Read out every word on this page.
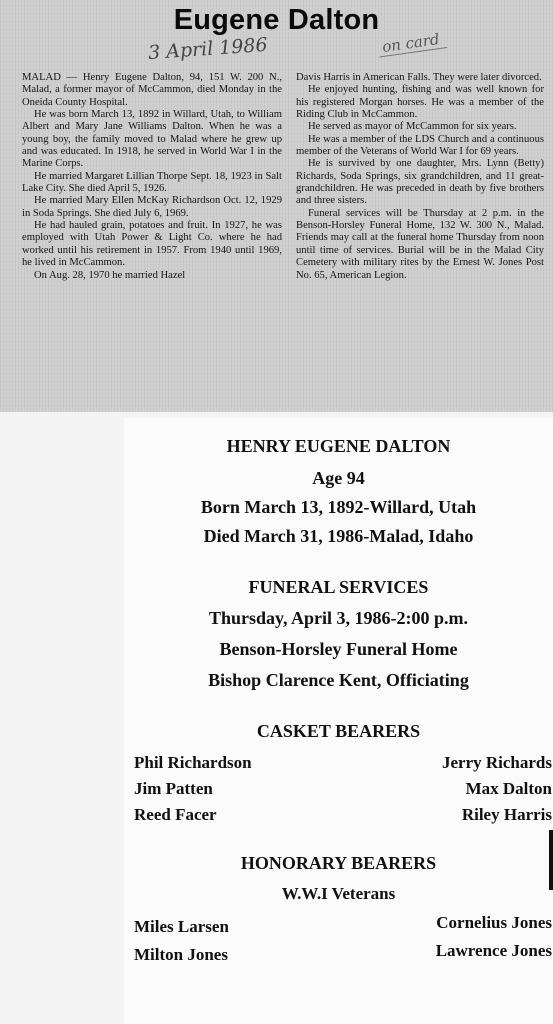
Eugene Dalton
3 April 1986	on card

MALAD — Henry Eugene Dalton, 94, 151 W. 200 N., Malad, a former mayor of McCammon, died Monday in the Oneida County Hospital.

He was born March 13, 1892 in Willard, Utah, to William Albert and Mary Jane Williams Dalton. When he was a young boy, the family moved to Malad where he grew up and was educated. In 1918, he served in World War I in the Marine Corps.

He married Margaret Lillian Thorpe Sept. 18, 1923 in Salt Lake City. She died April 5, 1926.

He married Mary Ellen McKay Richardson Oct. 12, 1929 in Soda Springs. She died July 6, 1969.

He had hauled grain, potatoes and fruit. In 1927, he was employed with Utah Power & Light Co. where he had worked until his retirement in 1957. From 1940 until 1969, he lived in McCammon.

On Aug. 28, 1970 he married Hazel

Davis Harris in American Falls. They were later divorced.

He enjoyed hunting, fishing and was well known for his registered Morgan horses. He was a member of the Riding Club in McCammon.

He served as mayor of McCammon for six years.

He was a member of the LDS Church and a continuous member of the Veterans of World War I for 69 years.

He is survived by one daughter, Mrs. Lynn (Betty) Richards, Soda Springs, six grandchildren, and 11 great-grandchildren. He was preceded in death by five brothers and three sisters.

Funeral services will be Thursday at 2 p.m. in the Benson-Horsley Funeral Home, 132 W. 300 N., Malad. Friends may call at the funeral home Thursday from noon until time of services. Burial will be in the Malad City Cemetery with military rites by the Ernest W. Jones Post No. 65, American Legion.

HENRY EUGENE DALTON
Age 94
Born March 13, 1892-Willard, Utah
Died March 31, 1986-Malad, Idaho
FUNERAL SERVICES
Thursday, April 3, 1986-2:00 p.m.
Benson-Horsley Funeral Home
Bishop Clarence Kent, Officiating
CASKET BEARERS
Phil Richardson	Jerry Richards
Jim Patten	Max Dalton
Reed Facer	Riley Harris
HONORARY BEARERS
W.W.I Veterans
Miles Larsen	Cornelius Jones
Milton Jones	Lawrence Jones
